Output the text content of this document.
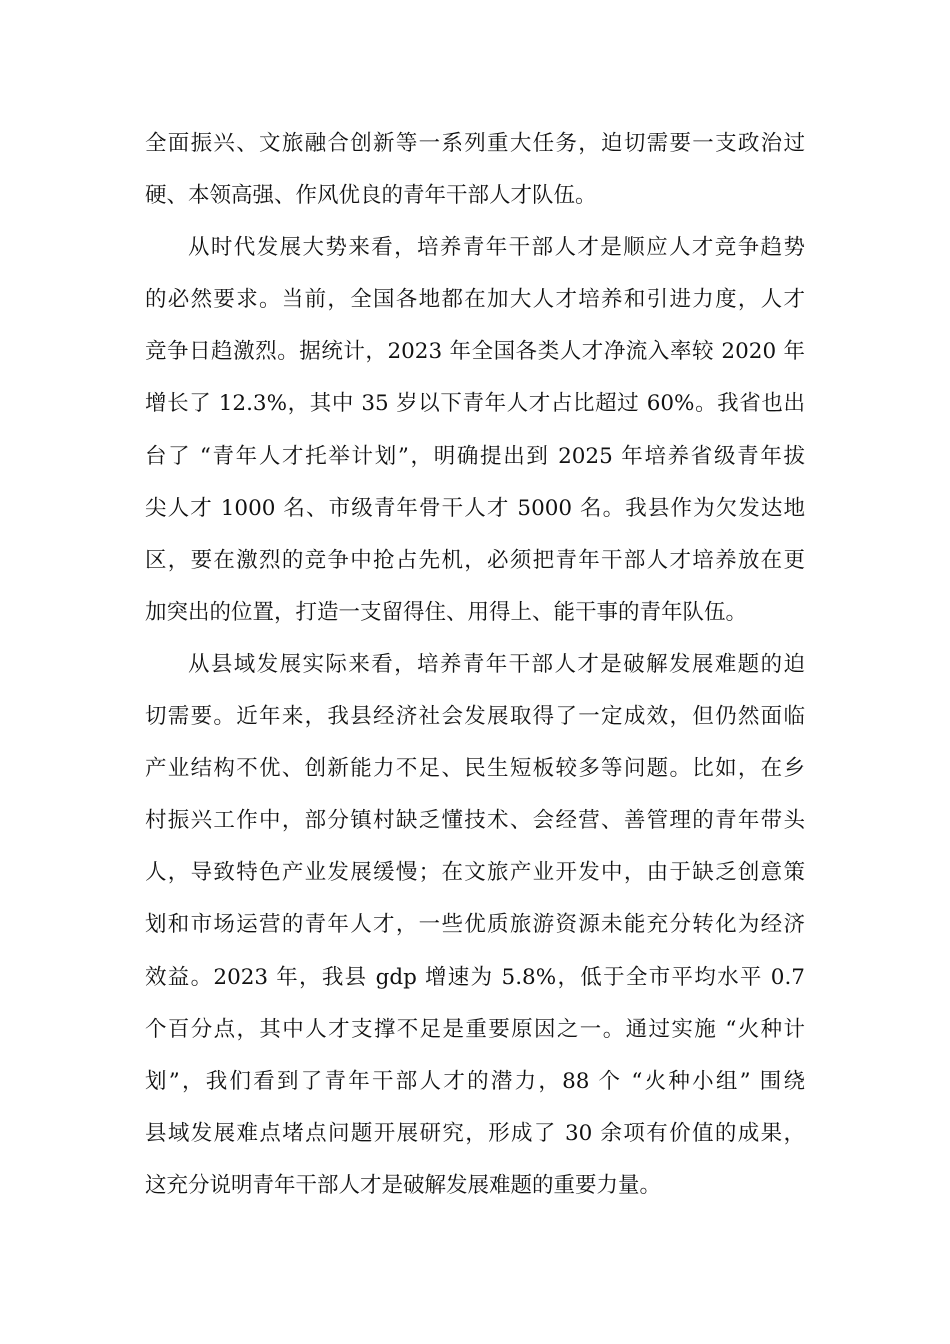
全面振兴、文旅融合创新等一系列重大任务，迫切需要一支政治过
硬、本领高强、作风优良的青年干部人才队伍。
从时代发展大势来看，培养青年干部人才是顺应人才竞争趋势
的必然要求。当前，全国各地都在加大人才培养和引进力度，人才
竞争日趋激烈。据统计，2023 年全国各类人才净流入率较 2020 年
增长了 12.3%，其中 35 岁以下青年人才占比超过 60%。我省也出
台了 “青年人才托举计划”，明确提出到 2025 年培养省级青年拔
尖人才 1000 名、市级青年骨干人才 5000 名。我县作为欠发达地
区，要在激烈的竞争中抢占先机，必须把青年干部人才培养放在更
加突出的位置，打造一支留得住、用得上、能干事的青年队伍。
从县域发展实际来看，培养青年干部人才是破解发展难题的迫
切需要。近年来，我县经济社会发展取得了一定成效，但仍然面临
产业结构不优、创新能力不足、民生短板较多等问题。比如，在乡
村振兴工作中，部分镇村缺乏懂技术、会经营、善管理的青年带头
人，导致特色产业发展缓慢；在文旅产业开发中，由于缺乏创意策
划和市场运营的青年人才，一些优质旅游资源未能充分转化为经济
效益。2023 年，我县 gdp 增速为 5.8%，低于全市平均水平 0.7
个百分点，其中人才支撑不足是重要原因之一。通过实施 “火种计
划”，我们看到了青年干部人才的潜力，88 个 “火种小组” 围绕
县域发展难点堵点问题开展研究，形成了 30 余项有价值的成果，
这充分说明青年干部人才是破解发展难题的重要力量。
